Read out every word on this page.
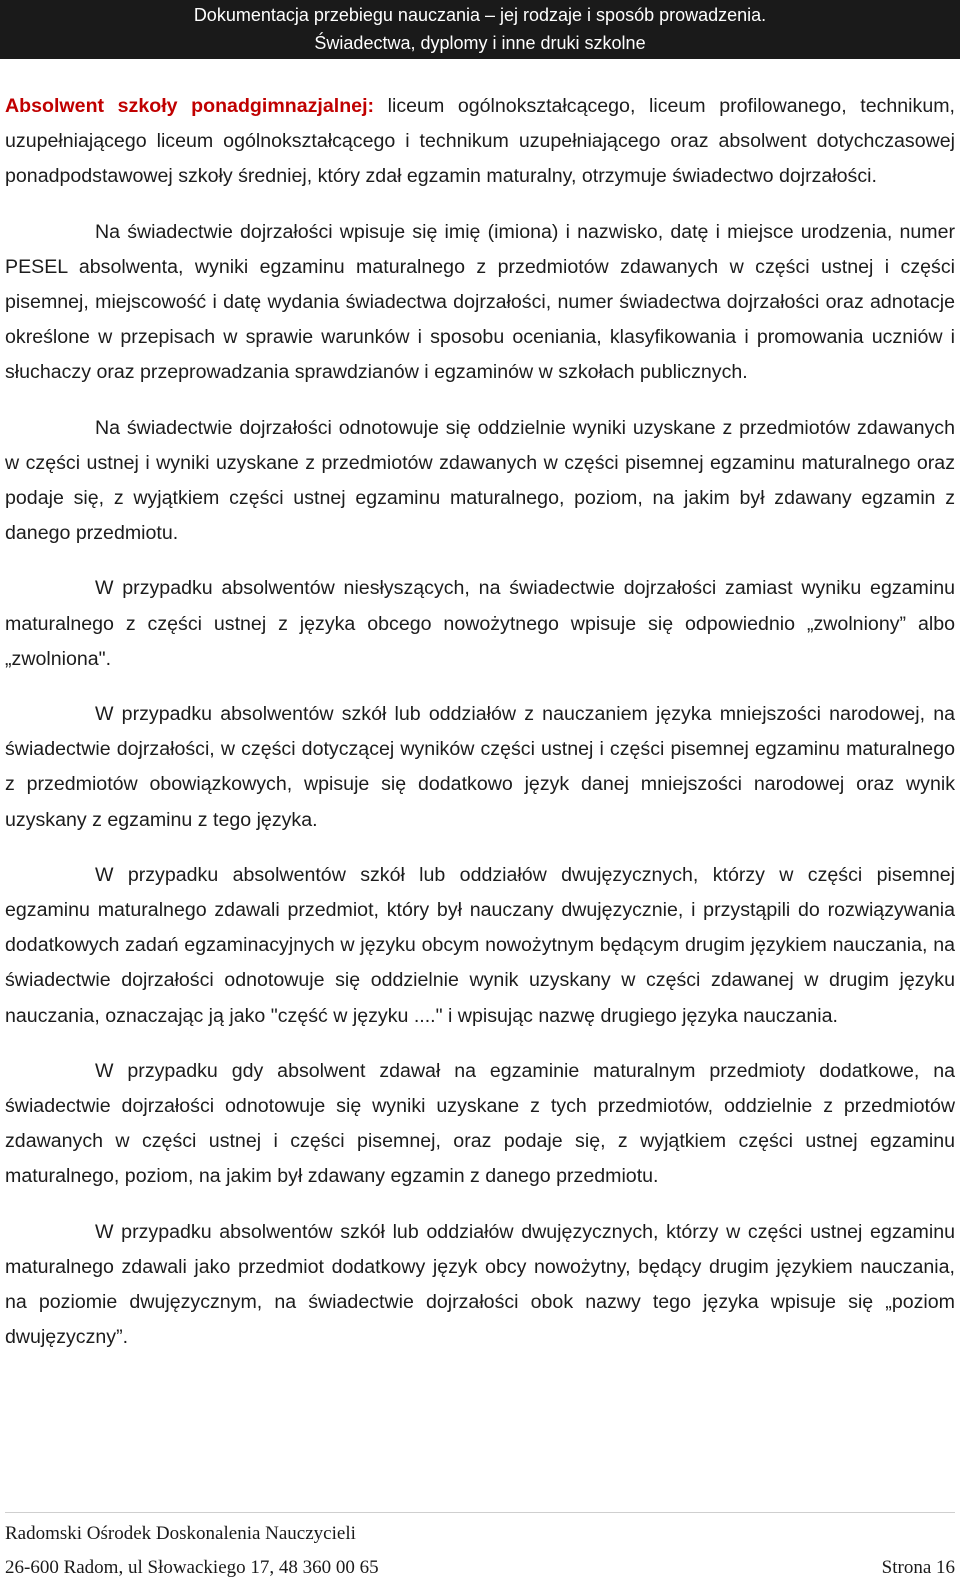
Dokumentacja przebiegu nauczania – jej rodzaje i sposób prowadzenia.
Świadectwa, dyplomy i inne druki szkolne

Absolwent szkoły ponadgimnazjalnej: liceum ogólnokształcącego, liceum profilowanego, technikum, uzupełniającego liceum ogólnokształcącego i technikum uzupełniającego oraz absolwent dotychczasowej ponadpodstawowej szkoły średniej, który zdał egzamin maturalny, otrzymuje świadectwo dojrzałości.

Na świadectwie dojrzałości wpisuje się imię (imiona) i nazwisko, datę i miejsce urodzenia, numer PESEL absolwenta, wyniki egzaminu maturalnego z przedmiotów zdawanych w części ustnej i części pisemnej, miejscowość i datę wydania świadectwa dojrzałości, numer świadectwa dojrzałości oraz adnotacje określone w przepisach w sprawie warunków i sposobu oceniania, klasyfikowania i promowania uczniów i słuchaczy oraz przeprowadzania sprawdzianów i egzaminów w szkołach publicznych.

Na świadectwie dojrzałości odnotowuje się oddzielnie wyniki uzyskane z przedmiotów zdawanych w części ustnej i wyniki uzyskane z przedmiotów zdawanych w części pisemnej egzaminu maturalnego oraz podaje się, z wyjątkiem części ustnej egzaminu maturalnego, poziom, na jakim był zdawany egzamin z danego przedmiotu.

W przypadku absolwentów niesłyszących, na świadectwie dojrzałości zamiast wyniku egzaminu maturalnego z części ustnej z języka obcego nowożytnego wpisuje się odpowiednio „zwolniony” albo „zwolniona".

W przypadku absolwentów szkół lub oddziałów z nauczaniem języka mniejszości narodowej, na świadectwie dojrzałości, w części dotyczącej wyników części ustnej i części pisemnej egzaminu maturalnego z przedmiotów obowiązkowych, wpisuje się dodatkowo język danej mniejszości narodowej oraz wynik uzyskany z egzaminu z tego języka.

W przypadku absolwentów szkół lub oddziałów dwujęzycznych, którzy w części pisemnej egzaminu maturalnego zdawali przedmiot, który był nauczany dwujęzycznie, i przystąpili do rozwiązywania dodatkowych zadań egzaminacyjnych w języku obcym nowożytnym będącym drugim językiem nauczania, na świadectwie dojrzałości odnotowuje się oddzielnie wynik uzyskany w części zdawanej w drugim języku nauczania, oznaczając ją jako "część w języku ...." i wpisując nazwę drugiego języka nauczania.

W przypadku gdy absolwent zdawał na egzaminie maturalnym przedmioty dodatkowe, na świadectwie dojrzałości odnotowuje się wyniki uzyskane z tych przedmiotów, oddzielnie z przedmiotów zdawanych w części ustnej i części pisemnej, oraz podaje się, z wyjątkiem części ustnej egzaminu maturalnego, poziom, na jakim był zdawany egzamin z danego przedmiotu.

W przypadku absolwentów szkół lub oddziałów dwujęzycznych, którzy w części ustnej egzaminu maturalnego zdawali jako przedmiot dodatkowy język obcy nowożytny, będący drugim językiem nauczania, na poziomie dwujęzycznym, na świadectwie dojrzałości obok nazwy tego języka wpisuje się „poziom dwujęzyczny”.

Radomski Ośrodek Doskonalenia Nauczycieli
26-600 Radom, ul Słowackiego 17, 48 360 00 65	Strona 16
